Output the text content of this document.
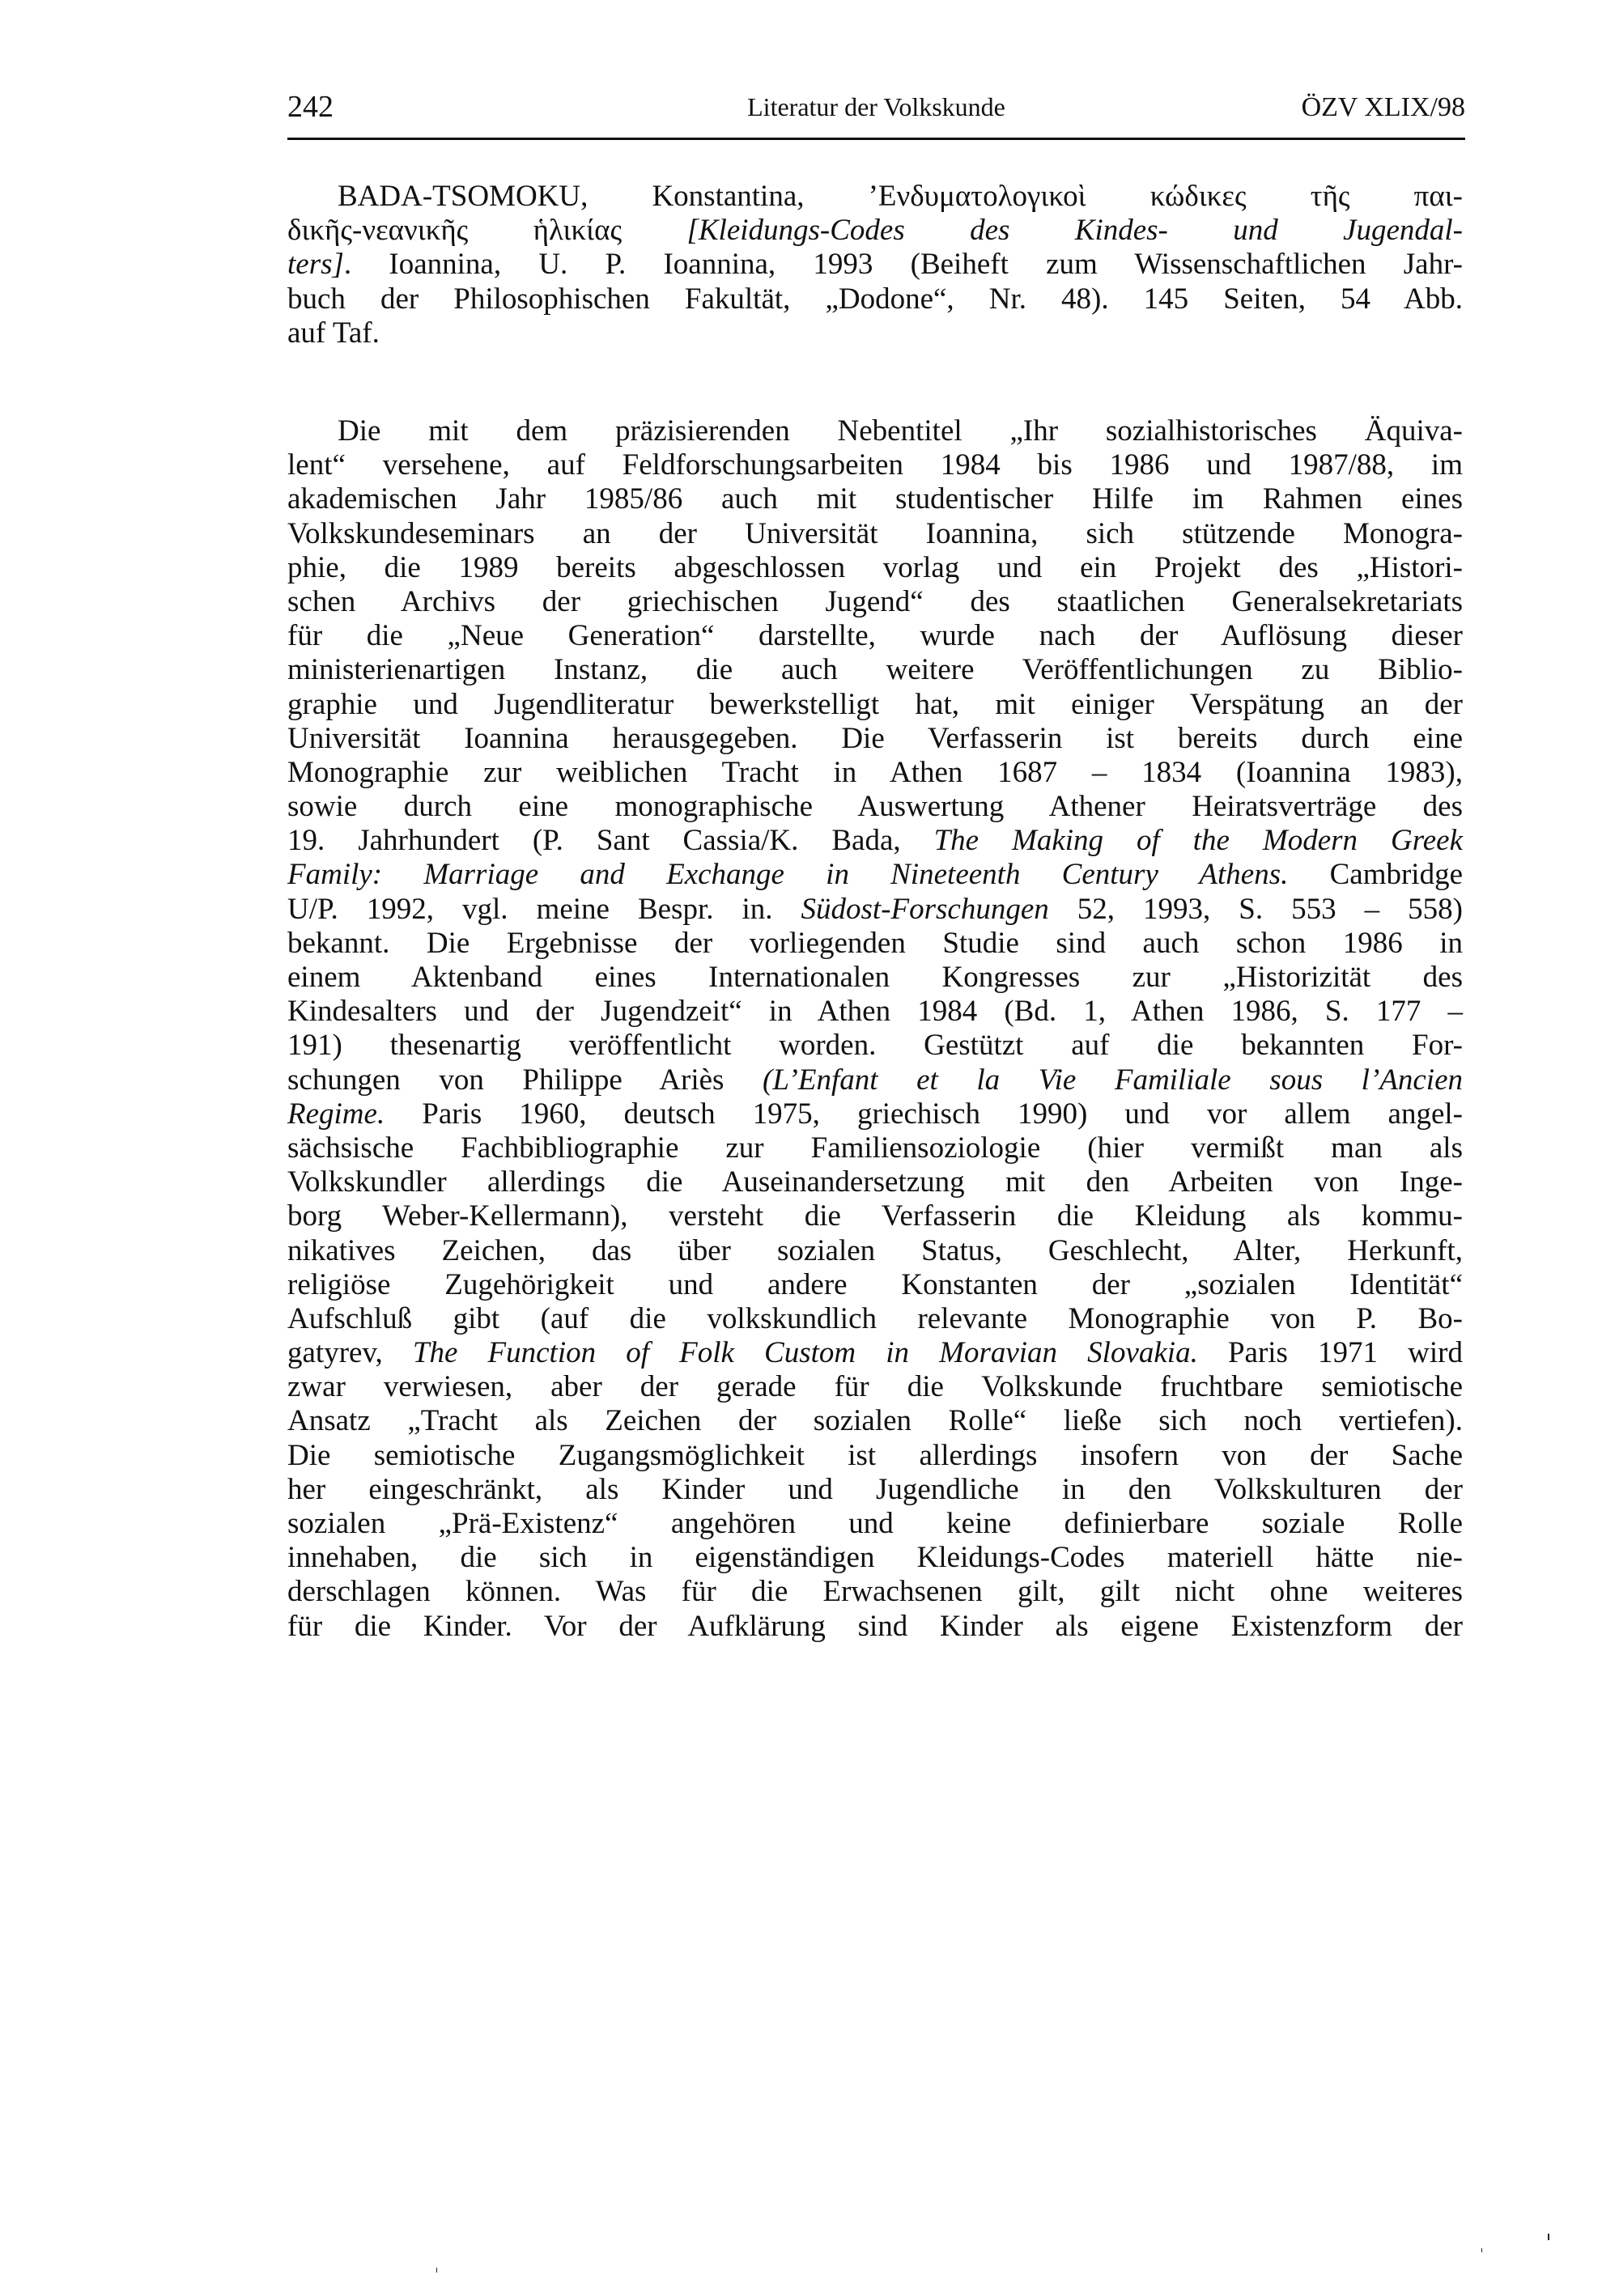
242	Literatur der Volkskunde	ÖZV XLIX/98
BADA-TSOMOKU, Konstantina, ’Ενδυματολογικοὶ κώδικες τῆς παι-
δικῆς-νεανικῆς ἡλικίας [Kleidungs-Codes des Kindes- und Jugendal-
ters]. Ioannina, U. P. Ioannina, 1993 (Beiheft zum Wissenschaftlichen Jahr-
buch der Philosophischen Fakultät, „Dodone“, Nr. 48). 145 Seiten, 54 Abb.
auf Taf.
Die mit dem präzisierenden Nebentitel „Ihr sozialhistorisches Äquiva-
lent“ versehene, auf Feldforschungsarbeiten 1984 bis 1986 und 1987/88, im
akademischen Jahr 1985/86 auch mit studentischer Hilfe im Rahmen eines
Volkskundeseminars an der Universität Ioannina, sich stützende Monogra-
phie, die 1989 bereits abgeschlossen vorlag und ein Projekt des „Histori-
schen Archivs der griechischen Jugend“ des staatlichen Generalsekretariats
für die „Neue Generation“ darstellte, wurde nach der Auflösung dieser
ministerienartigen Instanz, die auch weitere Veröffentlichungen zu Biblio-
graphie und Jugendliteratur bewerkstelligt hat, mit einiger Verspätung an der
Universität Ioannina herausgegeben. Die Verfasserin ist bereits durch eine
Monographie zur weiblichen Tracht in Athen 1687 – 1834 (Ioannina 1983),
sowie durch eine monographische Auswertung Athener Heiratsverträge des
19. Jahrhundert (P. Sant Cassia/K. Bada, The Making of the Modern Greek
Family: Marriage and Exchange in Nineteenth Century Athens. Cambridge
U/P. 1992, vgl. meine Bespr. in. Südost-Forschungen 52, 1993, S. 553 – 558)
bekannt. Die Ergebnisse der vorliegenden Studie sind auch schon 1986 in
einem Aktenband eines Internationalen Kongresses zur „Historizität des
Kindesalters und der Jugendzeit“ in Athen 1984 (Bd. 1, Athen 1986, S. 177 –
191) thesenartig veröffentlicht worden. Gestützt auf die bekannten For-
schungen von Philippe Ariès (L’Enfant et la Vie Familiale sous l’Ancien
Regime. Paris 1960, deutsch 1975, griechisch 1990) und vor allem angel-
sächsische Fachbibliographie zur Familiensoziologie (hier vermißt man als
Volkskundler allerdings die Auseinandersetzung mit den Arbeiten von Inge-
borg Weber-Kellermann), versteht die Verfasserin die Kleidung als kommu-
nikatives Zeichen, das über sozialen Status, Geschlecht, Alter, Herkunft,
religiöse Zugehörigkeit und andere Konstanten der „sozialen Identität“
Aufschluß gibt (auf die volkskundlich relevante Monographie von P. Bo-
gatyrev, The Function of Folk Custom in Moravian Slovakia. Paris 1971 wird
zwar verwiesen, aber der gerade für die Volkskunde fruchtbare semiotische
Ansatz „Tracht als Zeichen der sozialen Rolle“ ließe sich noch vertiefen).
Die semiotische Zugangsmöglichkeit ist allerdings insofern von der Sache
her eingeschränkt, als Kinder und Jugendliche in den Volkskulturen der
sozialen „Prä-Existenz“ angehören und keine definierbare soziale Rolle
innehaben, die sich in eigenständigen Kleidungs-Codes materiell hätte nie-
derschlagen können. Was für die Erwachsenen gilt, gilt nicht ohne weiteres
für die Kinder. Vor der Aufklärung sind Kinder als eigene Existenzform der
